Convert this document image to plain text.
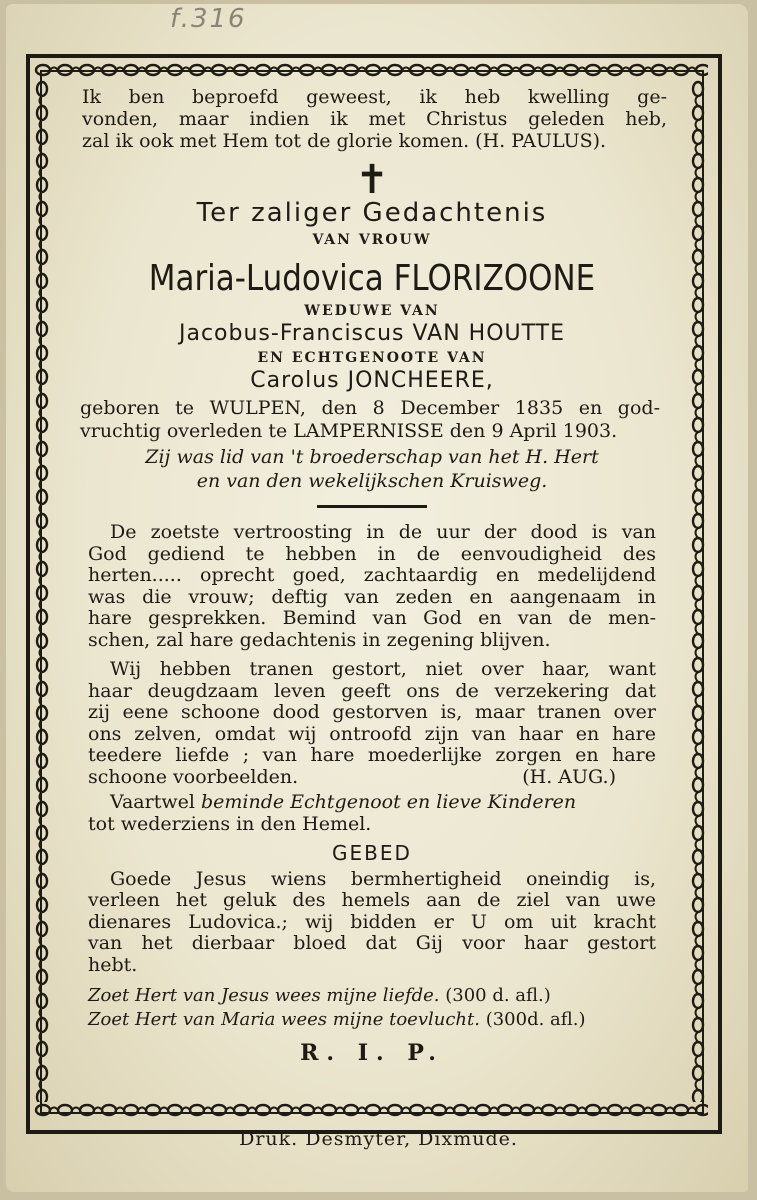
f.316
Ik ben beproefd geweest, ik heb kwelling ge-
vonden, maar indien ik met Christus geleden heb,
zal ik ook met Hem tot de glorie komen. (H. PAULUS).
✝
Ter zaliger Gedachtenis
VAN VROUW
Maria-Ludovica FLORIZOONE
WEDUWE VAN
Jacobus-Franciscus VAN HOUTTE
EN ECHTGENOOTE VAN
Carolus JONCHEERE,
geboren te WULPEN, den 8 December 1835 en god-
vruchtig overleden te LAMPERNISSE den 9 April 1903.
Zij was lid van 't broederschap van het H. Hert
en van den wekelijkschen Kruisweg.
De zoetste vertroosting in de uur der dood is van
God gediend te hebben in de eenvoudigheid des
herten..... oprecht goed, zachtaardig en medelijdend
was die vrouw; deftig van zeden en aangenaam in
hare gesprekken. Bemind van God en van de men-
schen, zal hare gedachtenis in zegening blijven.
Wij hebben tranen gestort, niet over haar, want
haar deugdzaam leven geeft ons de verzekering dat
zij eene schoone dood gestorven is, maar tranen over
ons zelven, omdat wij ontroofd zijn van haar en hare
teedere liefde ; van hare moederlijke zorgen en hare
schoone voorbeelden.	(H. AUG.)
Vaartwel beminde Echtgenoot en lieve Kinderen
tot wederziens in den Hemel.
GEBED
Goede Jesus wiens bermhertigheid oneindig is,
verleen het geluk des hemels aan de ziel van uwe
dienares Ludovica.; wij bidden er U om uit kracht
van het dierbaar bloed dat Gij voor haar gestort
hebt.
Zoet Hert van Jesus wees mijne liefde. (300 d. afl.)
Zoet Hert van Maria wees mijne toevlucht. (300d. afl.)
R. I. P.
Druk. Desmyter, Dixmude.
